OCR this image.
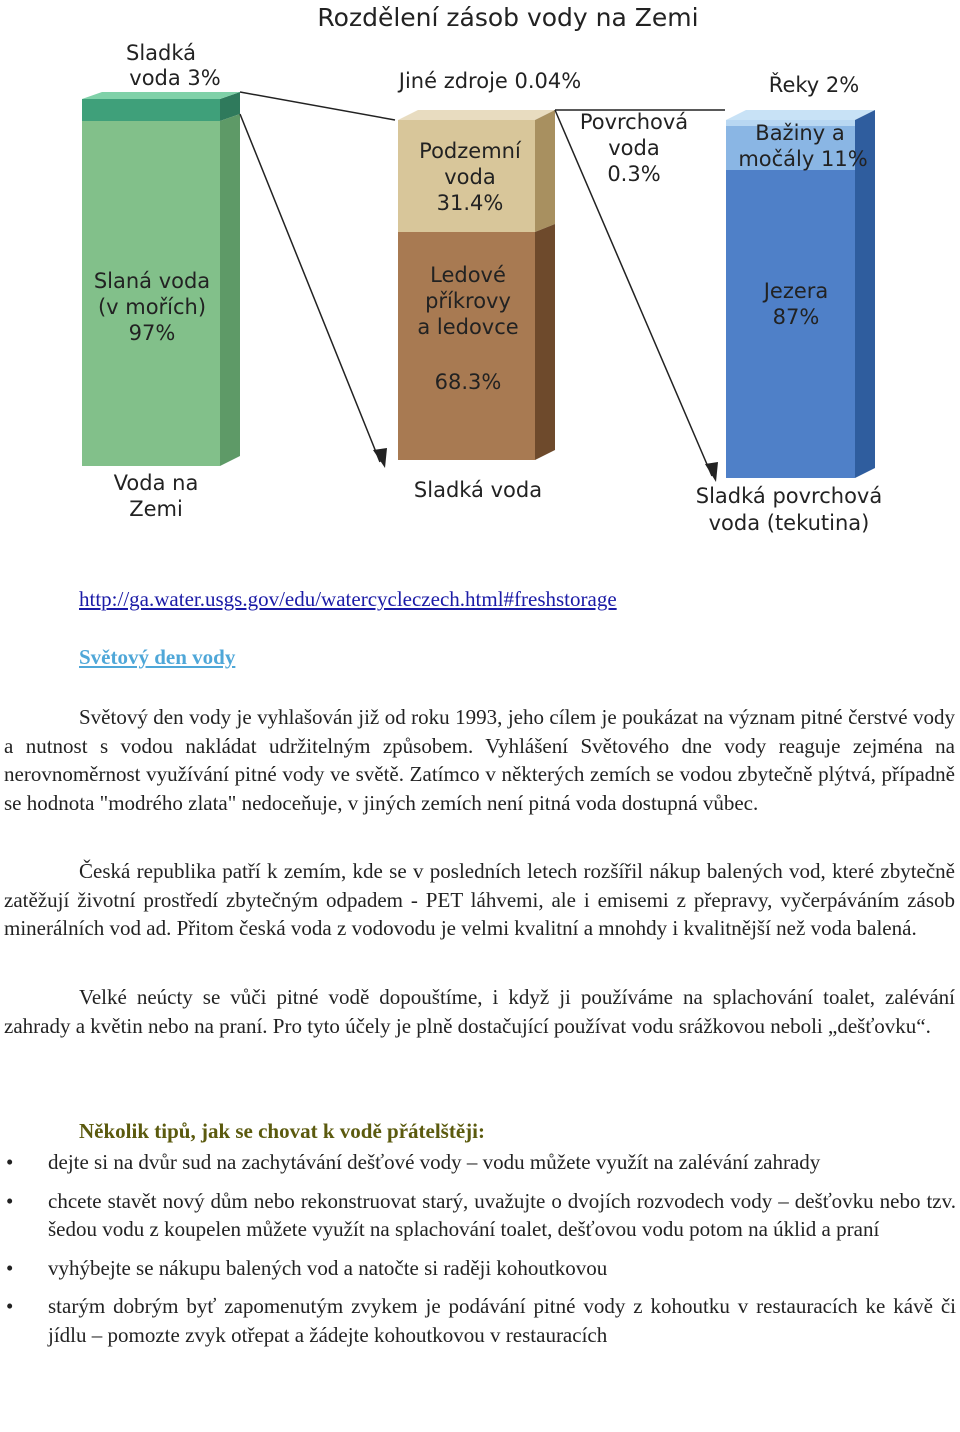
Rozdělení zásob vody na Zemi
Sladká
voda 3%
Slaná voda
(v mořích)
97%
Voda na
Zemi
Jiné zdroje 0.04%
Podzemní
voda
31.4%
Ledové
příkrovy
a ledovce
68.3%
Povrchová
voda
0.3%
Sladká voda
Řeky 2%
Bažiny a
močály 11%
Jezera
87%
Sladká povrchová
voda (tekutina)
http://ga.water.usgs.gov/edu/watercycleczech.html#freshstorage
Světový den vody

Světový den vody je vyhlašován již od roku 1993, jeho cílem je poukázat na význam pitné čerstvé vody a nutnost s vodou nakládat udržitelným způsobem. Vyhlášení Světového dne vody reaguje zejména na nerovnoměrnost využívání pitné vody ve světě. Zatímco v některých zemích se vodou zbytečně plýtvá, případně se hodnota "modrého zlata" nedoceňuje, v jiných zemích není pitná voda dostupná vůbec.

Česká republika patří k zemím, kde se v posledních letech rozšířil nákup balených vod, které zbytečně zatěžují životní prostředí zbytečným odpadem - PET láhvemi, ale i emisemi z přepravy, vyčerpáváním zásob minerálních vod ad. Přitom česká voda z vodovodu je velmi kvalitní a mnohdy i kvalitnější než voda balená.

Velké neúcty se vůči pitné vodě dopouštíme, i když ji používáme na splachování toalet, zalévání zahrady a květin nebo na praní. Pro tyto účely je plně dostačující používat vodu srážkovou neboli „dešťovku“.

Několik tipů, jak se chovat k vodě přátelštěji:
• dejte si na dvůr sud na zachytávání dešťové vody – vodu můžete využít na zalévání zahrady
• chcete stavět nový dům nebo rekonstruovat starý, uvažujte o dvojích rozvodech vody – dešťovku nebo tzv. šedou vodu z koupelen můžete využít na splachování toalet, dešťovou vodu potom na úklid a praní
• vyhýbejte se nákupu balených vod a natočte si raději kohoutkovou
• starým dobrým byť zapomenutým zvykem je podávání pitné vody z kohoutku v restauracích ke kávě či jídlu – pomozte zvyk otřepat a žádejte kohoutkovou v restauracích
